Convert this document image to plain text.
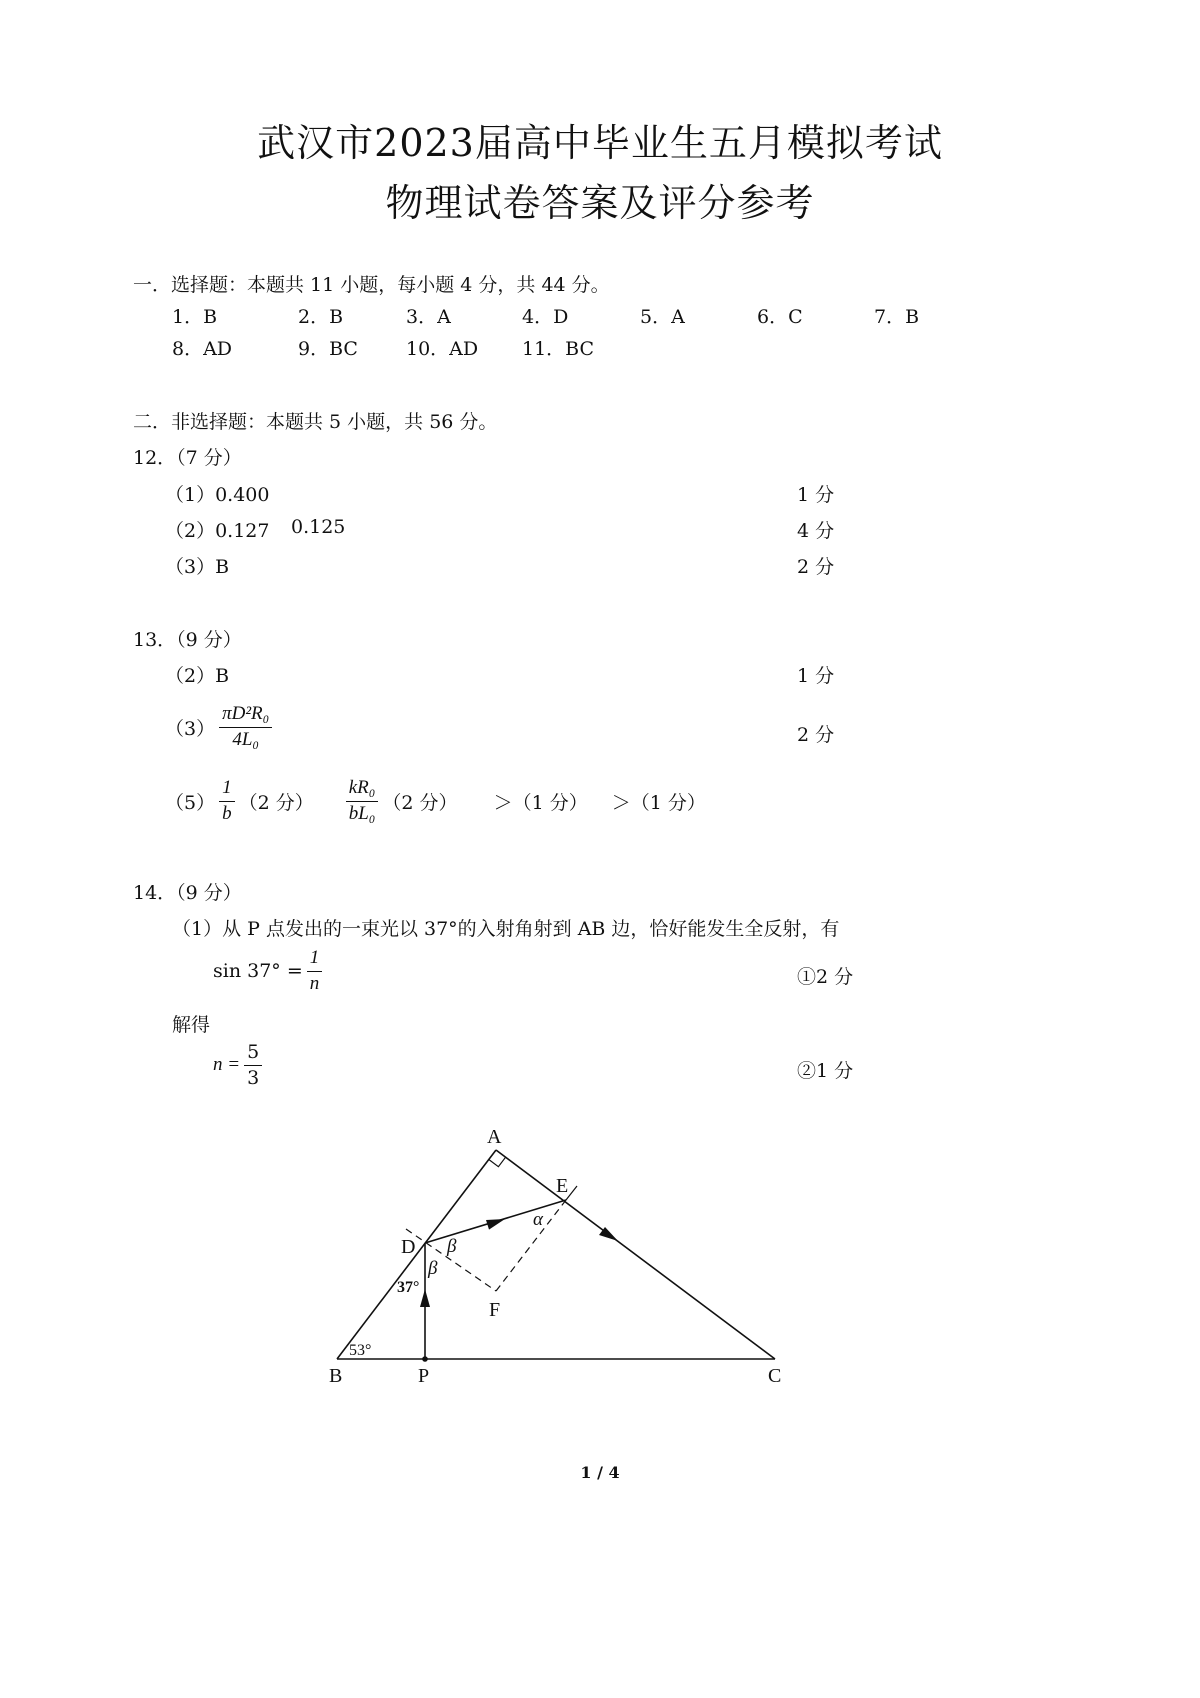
武汉市2023届高中毕业生五月模拟考试
物理试卷答案及评分参考
一．选择题：本题共 11 小题，每小题 4 分，共 44 分。
1．B	2．B	3．A	4．D	5．A	6．C	7．B
8．AD	9．BC	10．AD 11．BC
二．非选择题：本题共 5 小题，共 56 分。
12．（7 分）
（1）0.400	1 分
（2）0.127 0.125	4 分
（3）B	2 分
13．（9 分）
（2）B	1 分
$(3) \frac{\text{πD²R₀}}{\text{4L₀}}$	2 分
$(5) \frac{1}{b} (2$ 分） $\frac{\text{kR₀}}{\text{bL₀}} (2$ 分） ＞（1 分） ＞（1 分）
14．（9 分）
（1）从 P 点发出的一束光以 37°的入射角射到 AB 边，恰好能发生全反射，有
$\sin 37^\circ = \frac{1}{n}$	①2 分
解得
$n = \frac{5}{3}$	②1 分
A
B	C
D
E
F
P
α
β
β
37°
53°
1 / 4
